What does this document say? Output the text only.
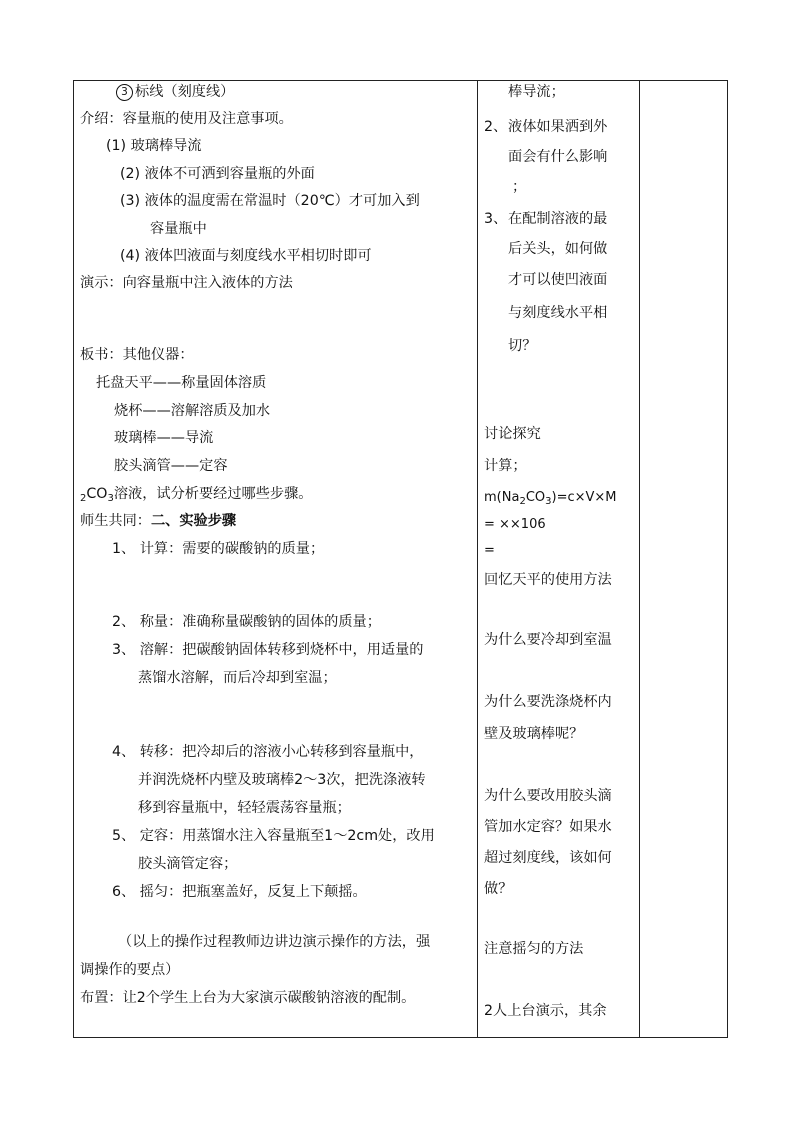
3 标线（刻度线）
介绍：容量瓶的使用及注意事项。
(1) 玻璃棒导流
(2) 液体不可洒到容量瓶的外面
(3) 液体的温度需在常温时（20℃）才可加入到
容量瓶中
(4) 液体凹液面与刻度线水平相切时即可
演示：向容量瓶中注入液体的方法
板书：其他仪器：
托盘天平——称量固体溶质
烧杯——溶解溶质及加水
玻璃棒——导流
胶头滴管——定容
$_2CO_3$溶液，试分析要经过哪些步骤。
师生共同：二、实验步骤
1、 计算：需要的碳酸钠的质量；
2、 称量：准确称量碳酸钠的固体的质量；
3、 溶解：把碳酸钠固体转移到烧杯中，用适量的
蒸馏水溶解，而后冷却到室温；
4、 转移：把冷却后的溶液小心转移到容量瓶中，
并润洗烧杯内壁及玻璃棒2～3次，把洗涤液转
移到容量瓶中，轻轻震荡容量瓶；
5、 定容：用蒸馏水注入容量瓶至1～2cm处，改用
胶头滴管定容；
6、 摇匀：把瓶塞盖好，反复上下颠摇。
（以上的操作过程教师边讲边演示操作的方法，强
调操作的要点）
布置：让2个学生上台为大家演示碳酸钠溶液的配制。
棒导流；
2、 液体如果洒到外
面会有什么影响
；
3、 在配制溶液的最
后关头，如何做
才可以使凹液面
与刻度线水平相
切？
讨论探究
计算；
$m(Na_2CO_3)=c\times V\times M$
= ××106
=
回忆天平的使用方法
为什么要冷却到室温
为什么要洗涤烧杯内
壁及玻璃棒呢？
为什么要改用胶头滴
管加水定容？如果水
超过刻度线，该如何
做？
注意摇匀的方法
2人上台演示，其余
